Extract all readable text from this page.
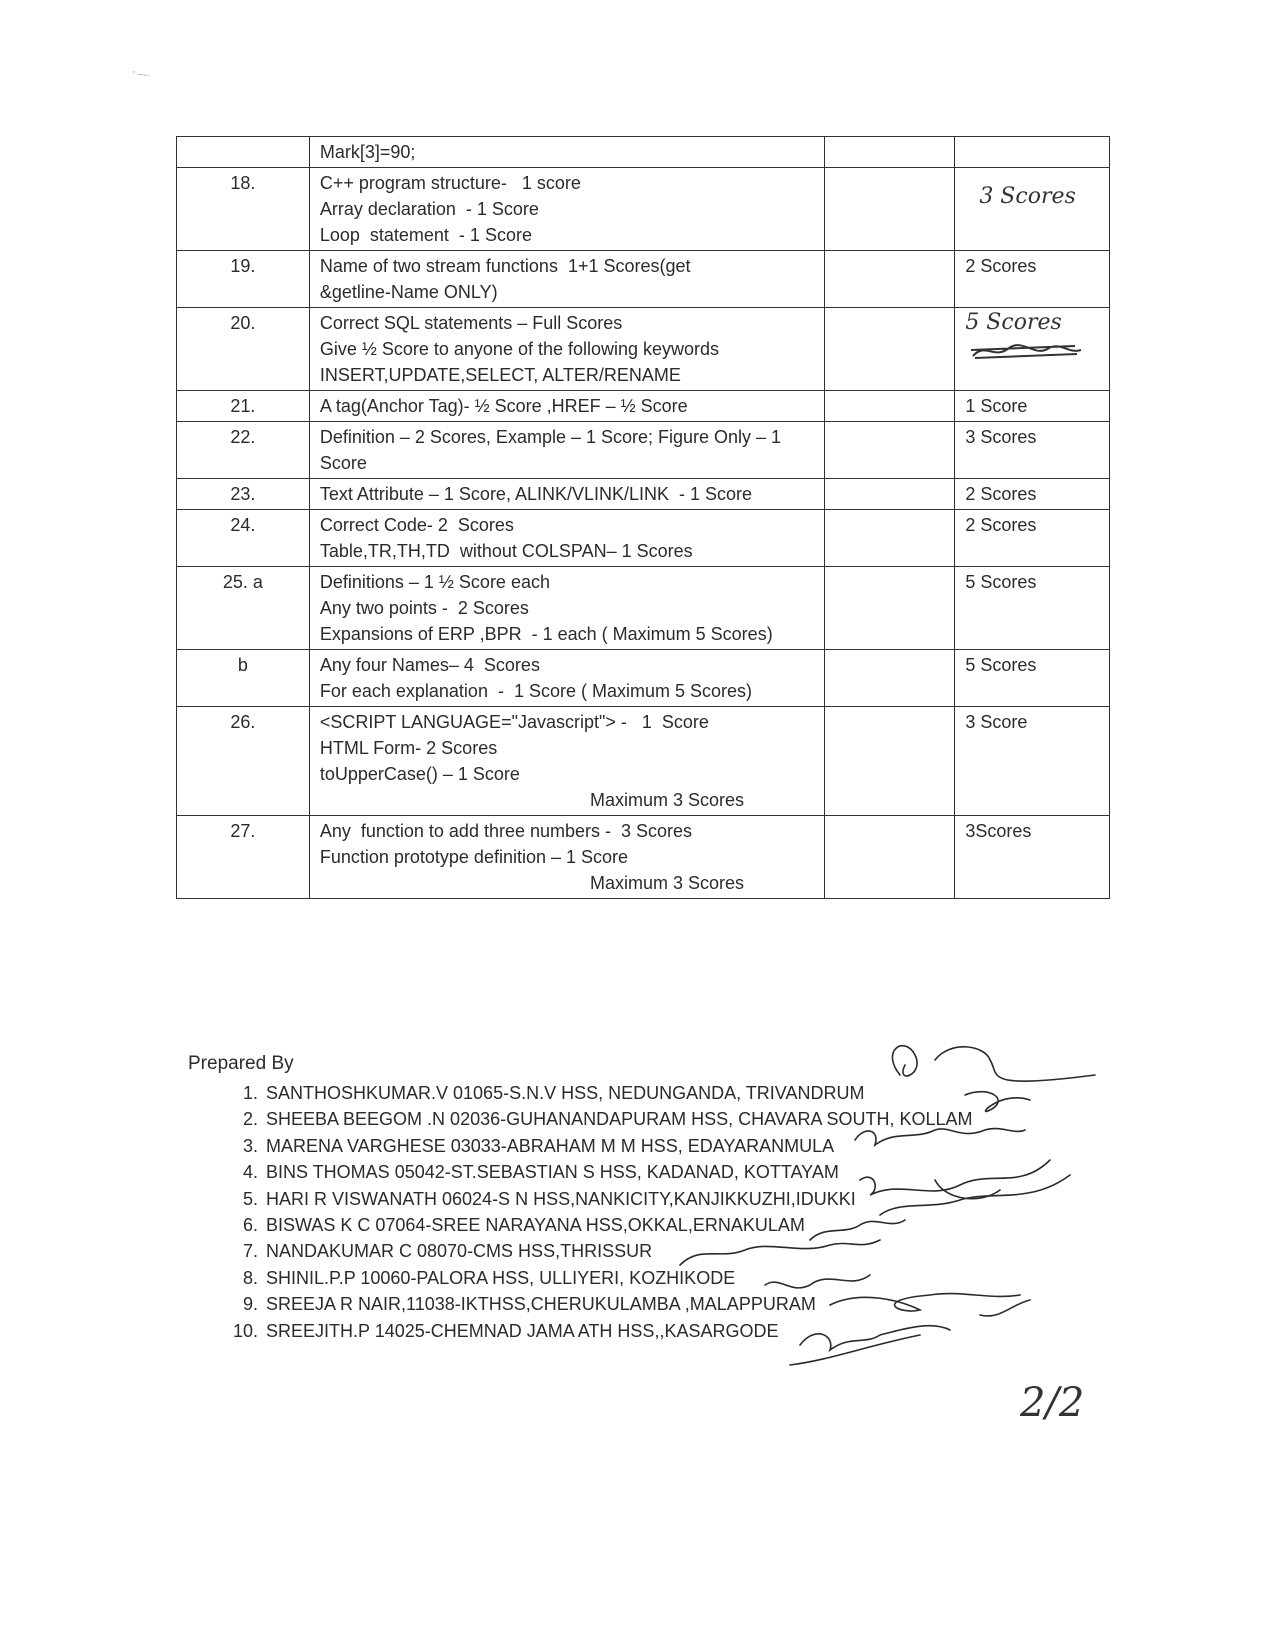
' ~-·

	Mark[3]=90;		

18.	C++ program structure-   1 score
Array declaration  - 1 Score
Loop  statement  - 1 Score		3 Scores

19.	Name of two stream functions  1+1 Scores(get
&getline-Name ONLY)		2 Scores
20.	Correct SQL statements – Full Scores
Give ½ Score to anyone of the following keywords
INSERT,UPDATE,SELECT, ALTER/RENAME		5 Scores

21.	A tag(Anchor Tag)- ½ Score ,HREF – ½ Score		1 Score
22.	Definition – 2 Scores, Example – 1 Score; Figure Only – 1
Score		3 Scores
23.	Text Attribute – 1 Score, ALINK/VLINK/LINK  - 1 Score		2 Scores
24.	Correct Code- 2  Scores
Table,TR,TH,TD  without COLSPAN– 1 Scores		2 Scores
25. a	Definitions – 1 ½ Score each
Any two points -  2 Scores
Expansions of ERP ,BPR  - 1 each ( Maximum 5 Scores)		5 Scores
b	Any four Names– 4  Scores
For each explanation  -  1 Score ( Maximum 5 Scores)		5 Scores
26.	<SCRIPT LANGUAGE="Javascript"> -   1  Score
HTML Form- 2 Scores
toUpperCase() – 1 Score
Maximum 3 Scores		3 Score
27.	Any  function to add three numbers -  3 Scores
Function prototype definition – 1 Score
Maximum 3 Scores		3Scores
Prepared By
1. SANTHOSHKUMAR.V 01065-S.N.V HSS, NEDUNGANDA, TRIVANDRUM
2. SHEEBA BEEGOM .N 02036-GUHANANDAPURAM HSS, CHAVARA SOUTH, KOLLAM
3. MARENA VARGHESE 03033-ABRAHAM M M HSS, EDAYARANMULA
4. BINS THOMAS 05042-ST.SEBASTIAN S HSS, KADANAD, KOTTAYAM
5. HARI R VISWANATH 06024-S N HSS,NANKICITY,KANJIKKUZHI,IDUKKI
6. BISWAS K C 07064-SREE NARAYANA HSS,OKKAL,ERNAKULAM
7. NANDAKUMAR C 08070-CMS HSS,THRISSUR
8. SHINIL.P.P 10060-PALORA HSS, ULLIYERI, KOZHIKODE
9. SREEJA R NAIR,11038-IKTHSS,CHERUKULAMBA ,MALAPPURAM
10. SREEJITH.P 14025-CHEMNAD JAMA ATH HSS,,KASARGODE
2/2
